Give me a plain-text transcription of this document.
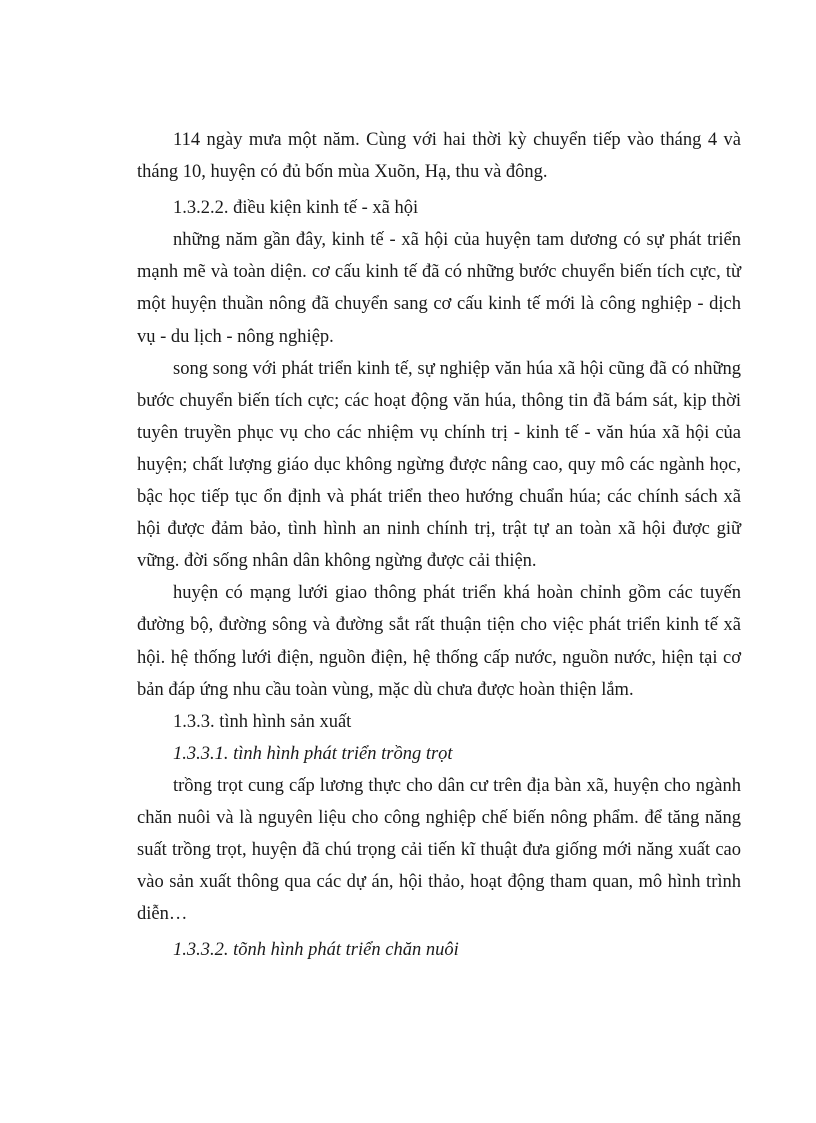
114 ngày mưa một năm. Cùng với hai thời kỳ chuyển tiếp vào tháng 4 và tháng 10, huyện có đủ bốn mùa Xuõn, Hạ, thu và đông.

1.3.2.2. điều kiện kinh tế - xã hội

những năm gần đây, kinh tế - xã hội của huyện tam dương có sự phát triển mạnh mẽ và toàn diện. cơ cấu kinh tế đã có những bước chuyển biến tích cực, từ một huyện thuần nông đã chuyển sang cơ cấu kinh tế mới là công nghiệp - dịch vụ - du lịch - nông nghiệp.

song song với phát triển kinh tế, sự nghiệp văn húa xã hội cũng đã có những bước chuyển biến tích cực; các hoạt động văn húa, thông tin đã bám sát, kịp thời tuyên truyền phục vụ cho các nhiệm vụ chính trị - kinh tế - văn húa xã hội của huyện; chất lượng giáo dục không ngừng được nâng cao, quy mô các ngành học, bậc học tiếp tục ổn định và phát triển theo hướng chuẩn húa; các chính sách xã hội được đảm bảo, tình hình an ninh chính trị, trật tự an toàn xã hội được giữ vững. đời sống nhân dân không ngừng được cải thiện.

huyện có mạng lưới giao thông phát triển khá hoàn chỉnh gồm các tuyến đường bộ, đường sông và đường sắt rất thuận tiện cho việc phát triển kinh tế xã hội. hệ thống lưới điện, nguồn điện, hệ thống cấp nước, nguồn nước, hiện tại cơ bản đáp ứng nhu cầu toàn vùng, mặc dù chưa được hoàn thiện lắm.

1.3.3. tình hình sản xuất

1.3.3.1. tình hình phát triển trồng trọt

trồng trọt cung cấp lương thực cho dân cư trên địa bàn xã, huyện cho ngành chăn nuôi và là nguyên liệu cho công nghiệp chế biến nông phẩm. để tăng năng suất trồng trọt, huyện đã chú trọng cải tiến kĩ thuật đưa giống mới năng xuất cao vào sản xuất thông qua các dự án, hội thảo, hoạt động tham quan, mô hình trình diễn…

1.3.3.2. tõnh hình phát triển chăn nuôi
